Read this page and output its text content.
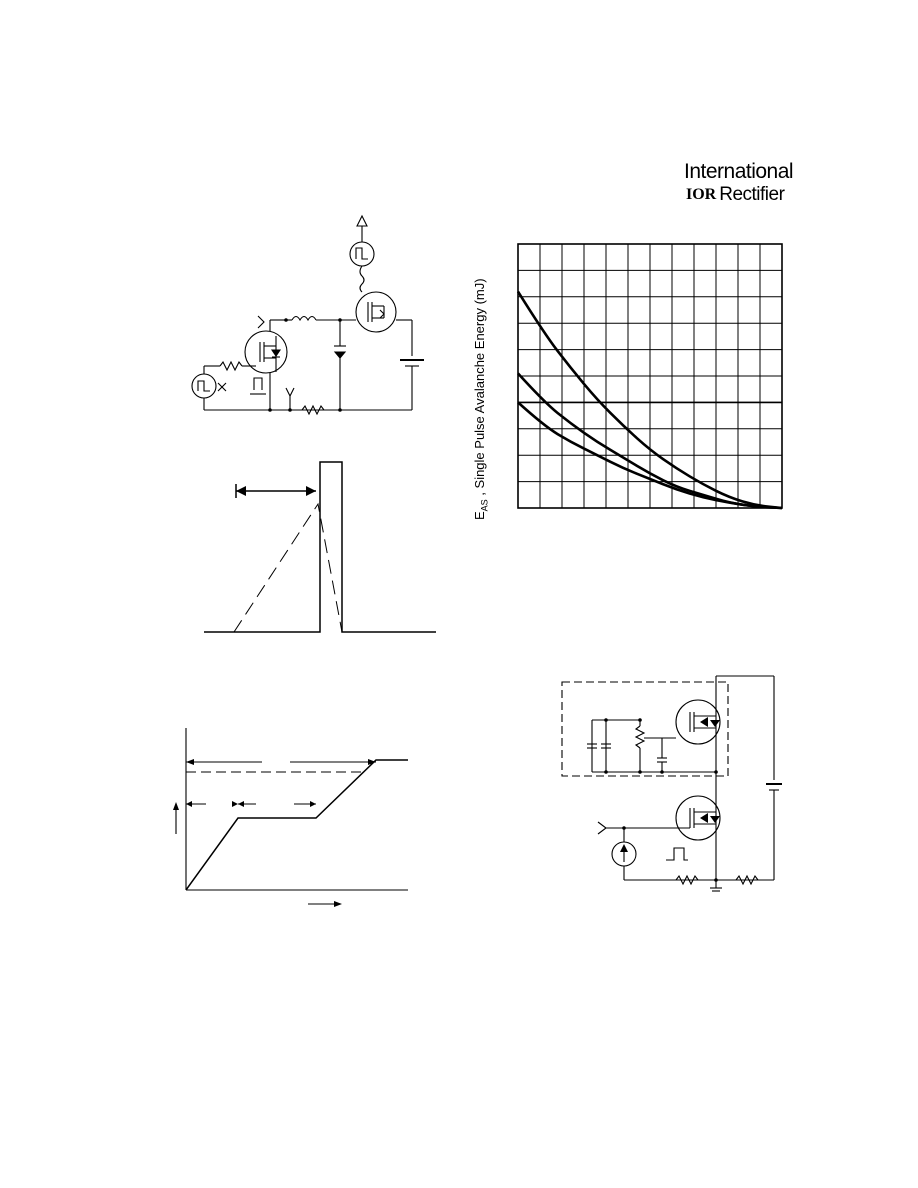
International
IOR Rectifier
$E_{AS}$ , Single Pulse Avalanche Energy (mJ)
